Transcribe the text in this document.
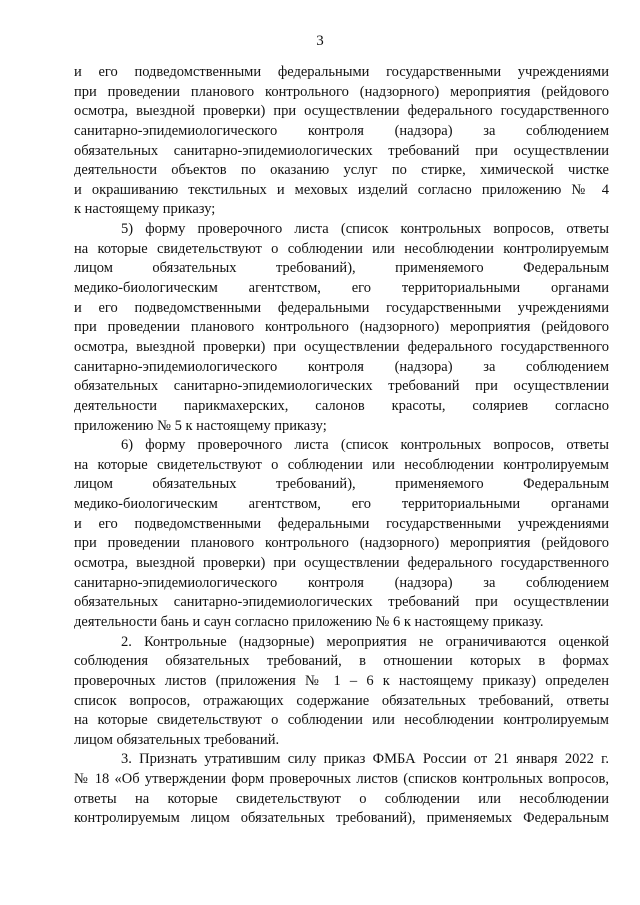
3
и его подведомственными федеральными государственными учреждениями
при проведении планового контрольного (надзорного) мероприятия (рейдового
осмотра, выездной проверки) при осуществлении федерального государственного
санитарно-эпидемиологического контроля (надзора) за соблюдением
обязательных санитарно-эпидемиологических требований при осуществлении
деятельности объектов по оказанию услуг по стирке, химической чистке
и окрашиванию текстильных и меховых изделий согласно приложению № 4
к настоящему приказу;
5) форму проверочного листа (список контрольных вопросов, ответы
на которые свидетельствуют о соблюдении или несоблюдении контролируемым
лицом обязательных требований), применяемого Федеральным
медико-биологическим агентством, его территориальными органами
и его подведомственными федеральными государственными учреждениями
при проведении планового контрольного (надзорного) мероприятия (рейдового
осмотра, выездной проверки) при осуществлении федерального государственного
санитарно-эпидемиологического контроля (надзора) за соблюдением
обязательных санитарно-эпидемиологических требований при осуществлении
деятельности парикмахерских, салонов красоты, соляриев согласно
приложению № 5 к настоящему приказу;
6) форму проверочного листа (список контрольных вопросов, ответы
на которые свидетельствуют о соблюдении или несоблюдении контролируемым
лицом обязательных требований), применяемого Федеральным
медико-биологическим агентством, его территориальными органами
и его подведомственными федеральными государственными учреждениями
при проведении планового контрольного (надзорного) мероприятия (рейдового
осмотра, выездной проверки) при осуществлении федерального государственного
санитарно-эпидемиологического контроля (надзора) за соблюдением
обязательных санитарно-эпидемиологических требований при осуществлении
деятельности бань и саун согласно приложению № 6 к настоящему приказу.
2. Контрольные (надзорные) мероприятия не ограничиваются оценкой
соблюдения обязательных требований, в отношении которых в формах
проверочных листов (приложения № 1 – 6 к настоящему приказу) определен
список вопросов, отражающих содержание обязательных требований, ответы
на которые свидетельствуют о соблюдении или несоблюдении контролируемым
лицом обязательных требований.
3. Признать утратившим силу приказ ФМБА России от 21 января 2022 г.
№ 18 «Об утверждении форм проверочных листов (списков контрольных вопросов,
ответы на которые свидетельствуют о соблюдении или несоблюдении
контролируемым лицом обязательных требований), применяемых Федеральным
